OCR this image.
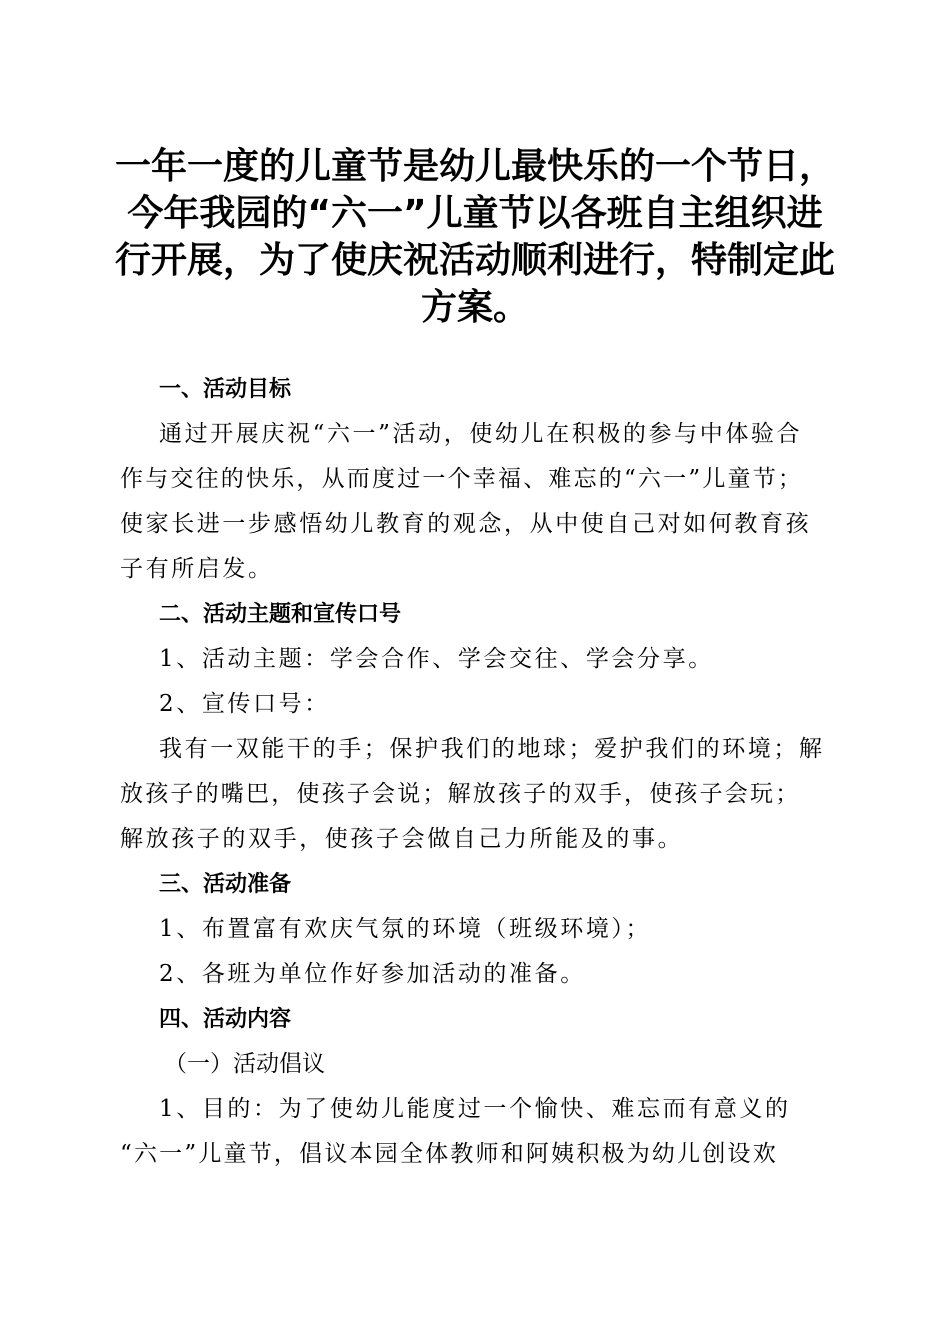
一年一度的儿童节是幼儿最快乐的一个节日，
今年我园的“六一”儿童节以各班自主组织进
行开展，为了使庆祝活动顺利进行，特制定此
方案。
一、活动目标
通过开展庆祝“六一”活动，使幼儿在积极的参与中体验合
作与交往的快乐，从而度过一个幸福、难忘的“六一”儿童节；
使家长进一步感悟幼儿教育的观念，从中使自己对如何教育孩
子有所启发。
二、活动主题和宣传口号
1、活动主题：学会合作、学会交往、学会分享。
2、宣传口号：
我有一双能干的手；保护我们的地球；爱护我们的环境；解
放孩子的嘴巴，使孩子会说；解放孩子的双手，使孩子会玩；
解放孩子的双手，使孩子会做自己力所能及的事。
三、活动准备
1、布置富有欢庆气氛的环境（班级环境）；
2、各班为单位作好参加活动的准备。
四、活动内容
（一）活动倡议
1、目的：为了使幼儿能度过一个愉快、难忘而有意义的
“六一”儿童节，倡议本园全体教师和阿姨积极为幼儿创设欢
